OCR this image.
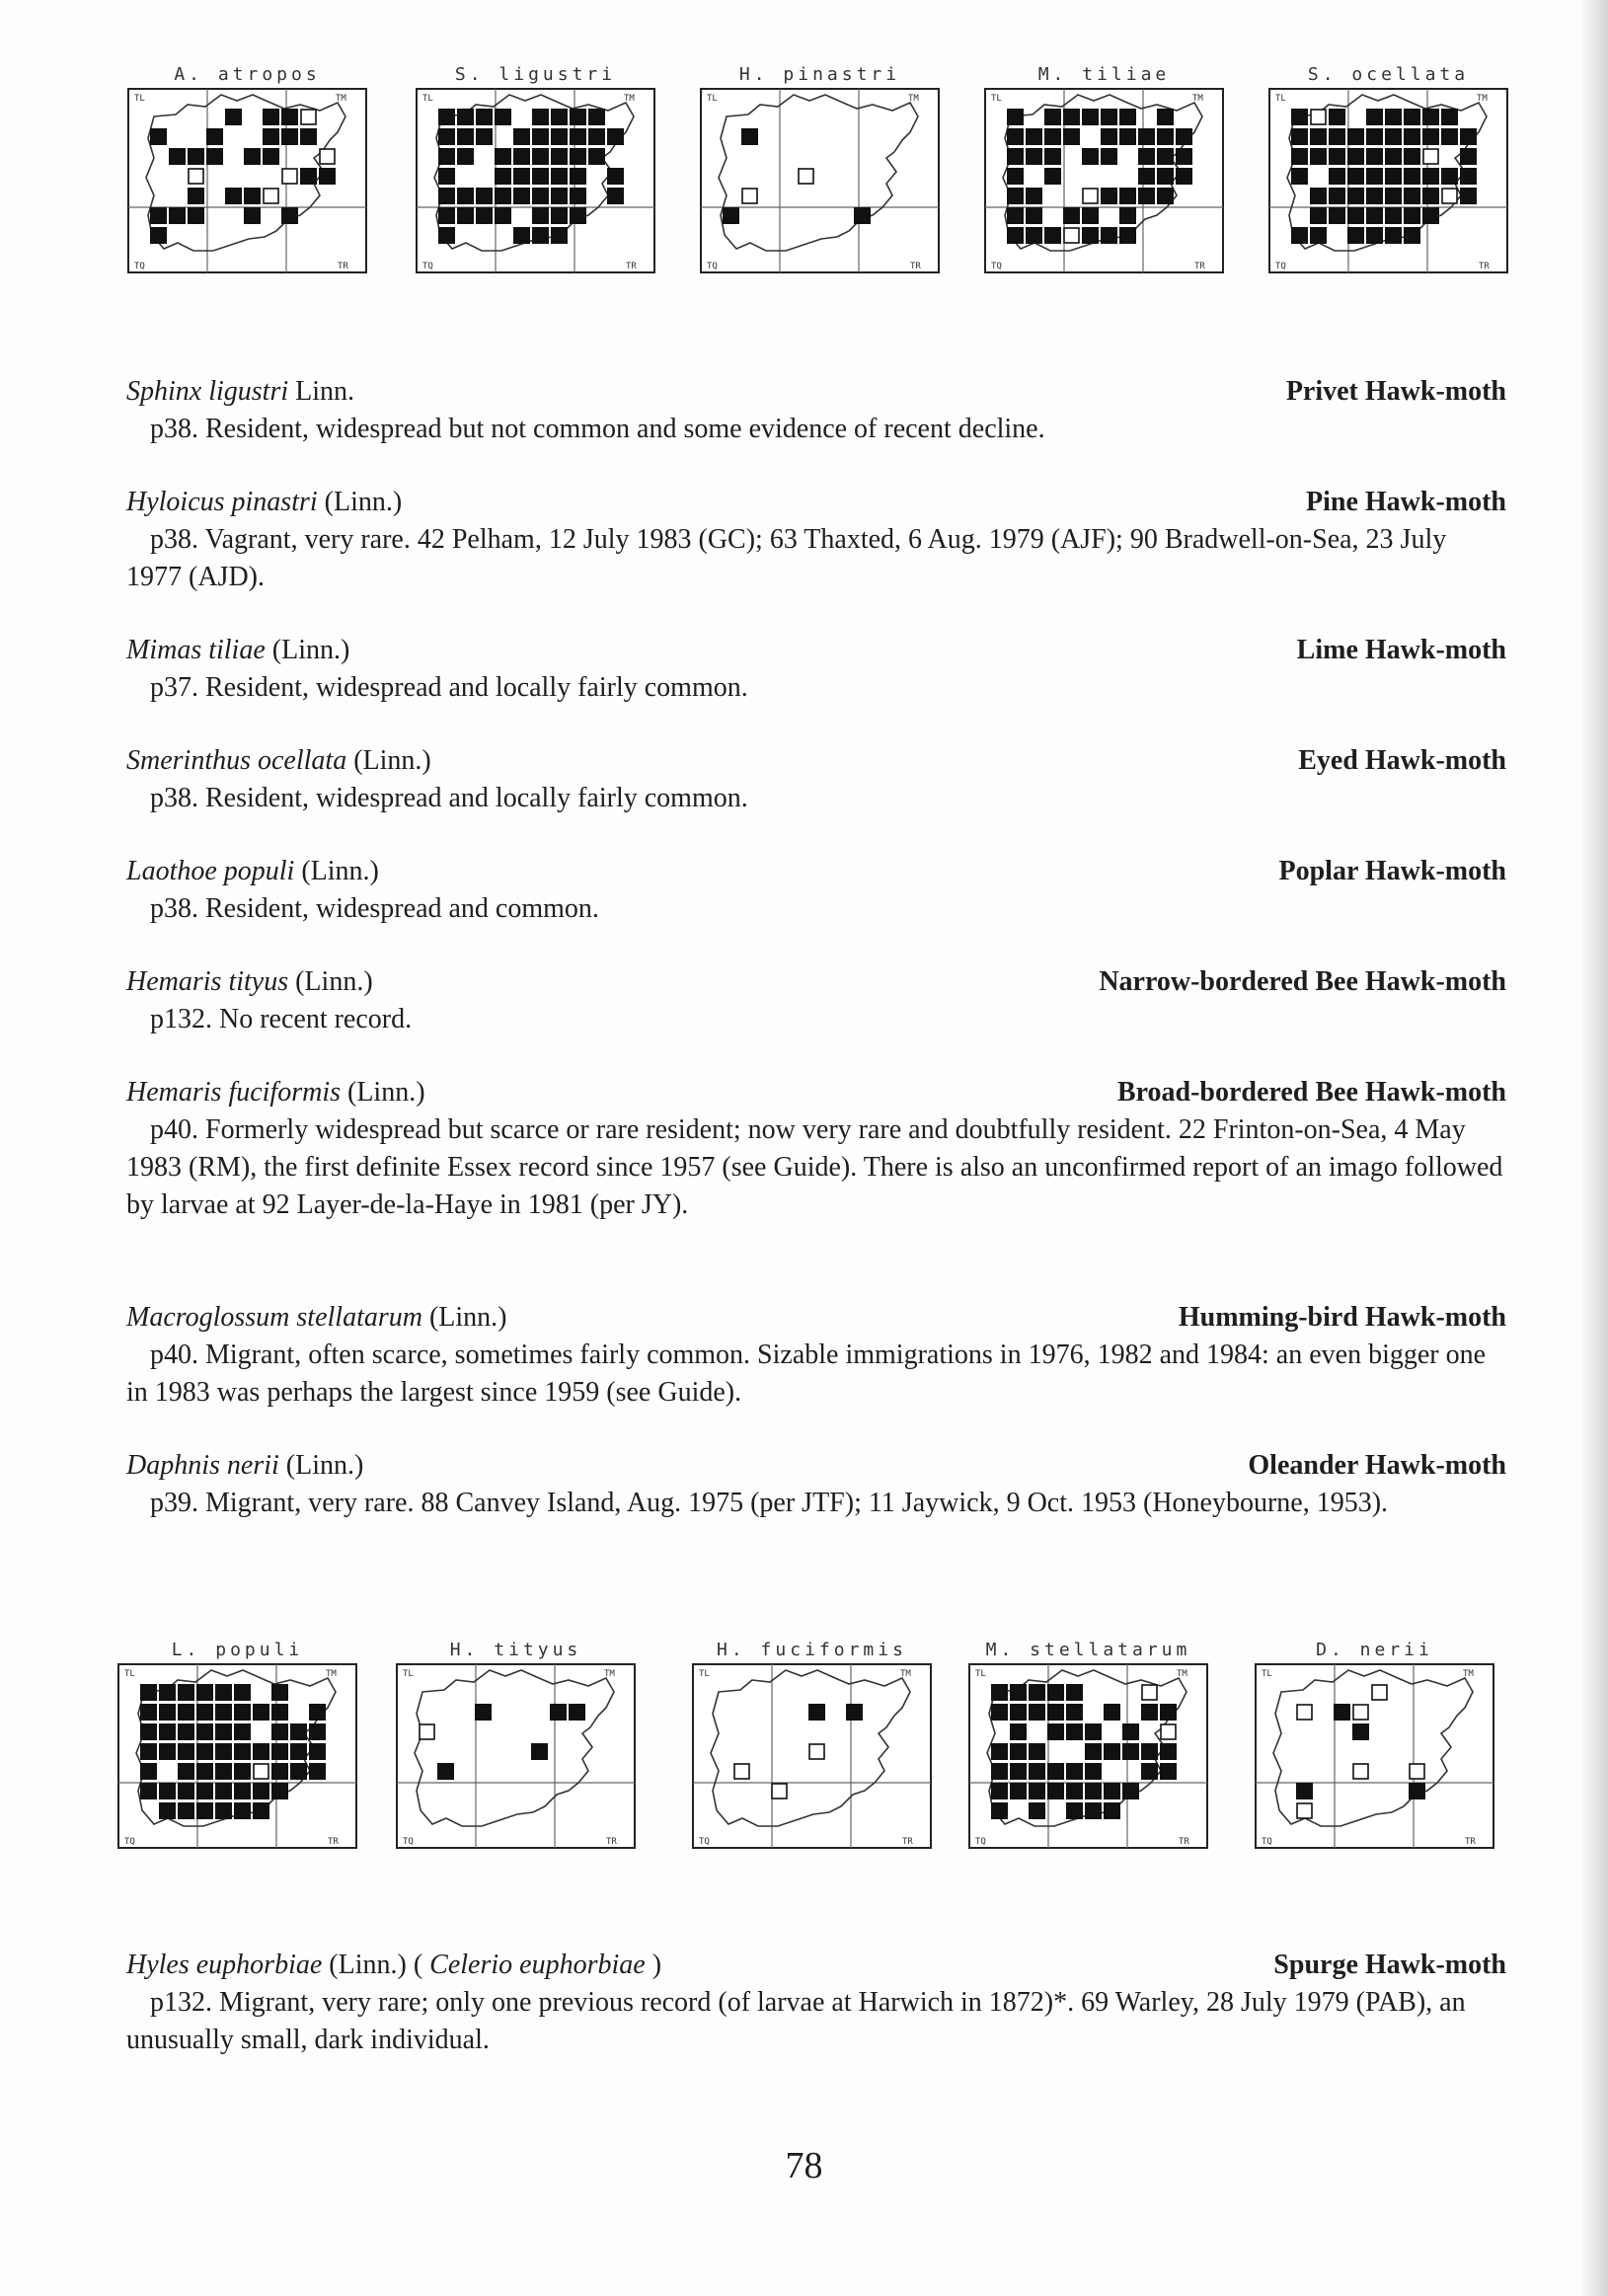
A. atropos
TL	TM
TQ	TR
S. ligustri
TL	TM
TQ	TR
H. pinastri
TL	TM
TQ	TR
M. tiliae
TL	TM
TQ	TR
S. ocellata
TL	TM
TQ	TR
Sphinx ligustri Linn.	Privet Hawk-moth
p38. Resident, widespread but not common and some evidence of recent decline.
Hyloicus pinastri (Linn.)	Pine Hawk-moth
p38. Vagrant, very rare. 42 Pelham, 12 July 1983 (GC); 63 Thaxted, 6 Aug. 1979 (AJF); 90 Bradwell-on-Sea, 23 July 1977 (AJD).
Mimas tiliae (Linn.)	Lime Hawk-moth
p37. Resident, widespread and locally fairly common.
Smerinthus ocellata (Linn.)	Eyed Hawk-moth
p38. Resident, widespread and locally fairly common.
Laothoe populi (Linn.)	Poplar Hawk-moth
p38. Resident, widespread and common.
Hemaris tityus (Linn.)	Narrow-bordered Bee Hawk-moth
p132. No recent record.
Hemaris fuciformis (Linn.)	Broad-bordered Bee Hawk-moth
p40. Formerly widespread but scarce or rare resident; now very rare and doubtfully resident. 22 Frinton-on-Sea, 4 May 1983 (RM), the first definite Essex record since 1957 (see Guide). There is also an unconfirmed report of an imago followed by larvae at 92 Layer-de-la-Haye in 1981 (per JY).
Macroglossum stellatarum (Linn.)	Humming-bird Hawk-moth
p40. Migrant, often scarce, sometimes fairly common. Sizable immigrations in 1976, 1982 and 1984: an even bigger one in 1983 was perhaps the largest since 1959 (see Guide).
Daphnis nerii (Linn.)	Oleander Hawk-moth
p39. Migrant, very rare. 88 Canvey Island, Aug. 1975 (per JTF); 11 Jaywick, 9 Oct. 1953 (Honeybourne, 1953).
L. populi
TL	TM
TQ	TR
H. tityus
TL	TM
TQ	TR
H. fuciformis
TL	TM
TQ	TR
M. stellatarum
TL	TM
TQ	TR
D. nerii
TL	TM
TQ	TR
Hyles euphorbiae (Linn.) ( Celerio euphorbiae )	Spurge Hawk-moth
p132. Migrant, very rare; only one previous record (of larvae at Harwich in 1872)*. 69 Warley, 28 July 1979 (PAB), an unusually small, dark individual.
78
